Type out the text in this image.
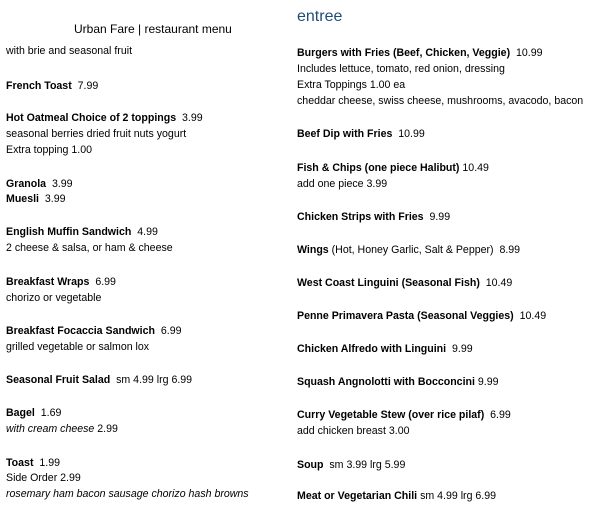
Urban Fare | restaurant menu
with brie and seasonal fruit
French Toast 7.99
Hot Oatmeal Choice of 2 toppings 3.99
seasonal berries dried fruit nuts yogurt
Extra topping 1.00
Granola 3.99
Muesli 3.99
English Muffin Sandwich 4.99
2 cheese & salsa, or ham & cheese
Breakfast Wraps 6.99
chorizo or vegetable
Breakfast Focaccia Sandwich 6.99
grilled vegetable or salmon lox
Seasonal Fruit Salad sm 4.99 lrg 6.99
Bagel 1.69
with cream cheese 2.99
Toast 1.99
Side Order 2.99
rosemary ham bacon sausage chorizo hash browns
entree
Burgers with Fries (Beef, Chicken, Veggie) 10.99
Includes lettuce, tomato, red onion, dressing
Extra Toppings 1.00 ea
cheddar cheese, swiss cheese, mushrooms, avacodo, bacon
Beef Dip with Fries 10.99
Fish & Chips (one piece Halibut) 10.49
add one piece 3.99
Chicken Strips with Fries 9.99
Wings (Hot, Honey Garlic, Salt & Pepper) 8.99
West Coast Linguini (Seasonal Fish) 10.49
Penne Primavera Pasta (Seasonal Veggies) 10.49
Chicken Alfredo with Linguini 9.99
Squash Angnolotti with Bocconcini 9.99
Curry Vegetable Stew (over rice pilaf) 6.99
add chicken breast 3.00
Soup sm 3.99 lrg 5.99
Meat or Vegetarian Chili sm 4.99 lrg 6.99
